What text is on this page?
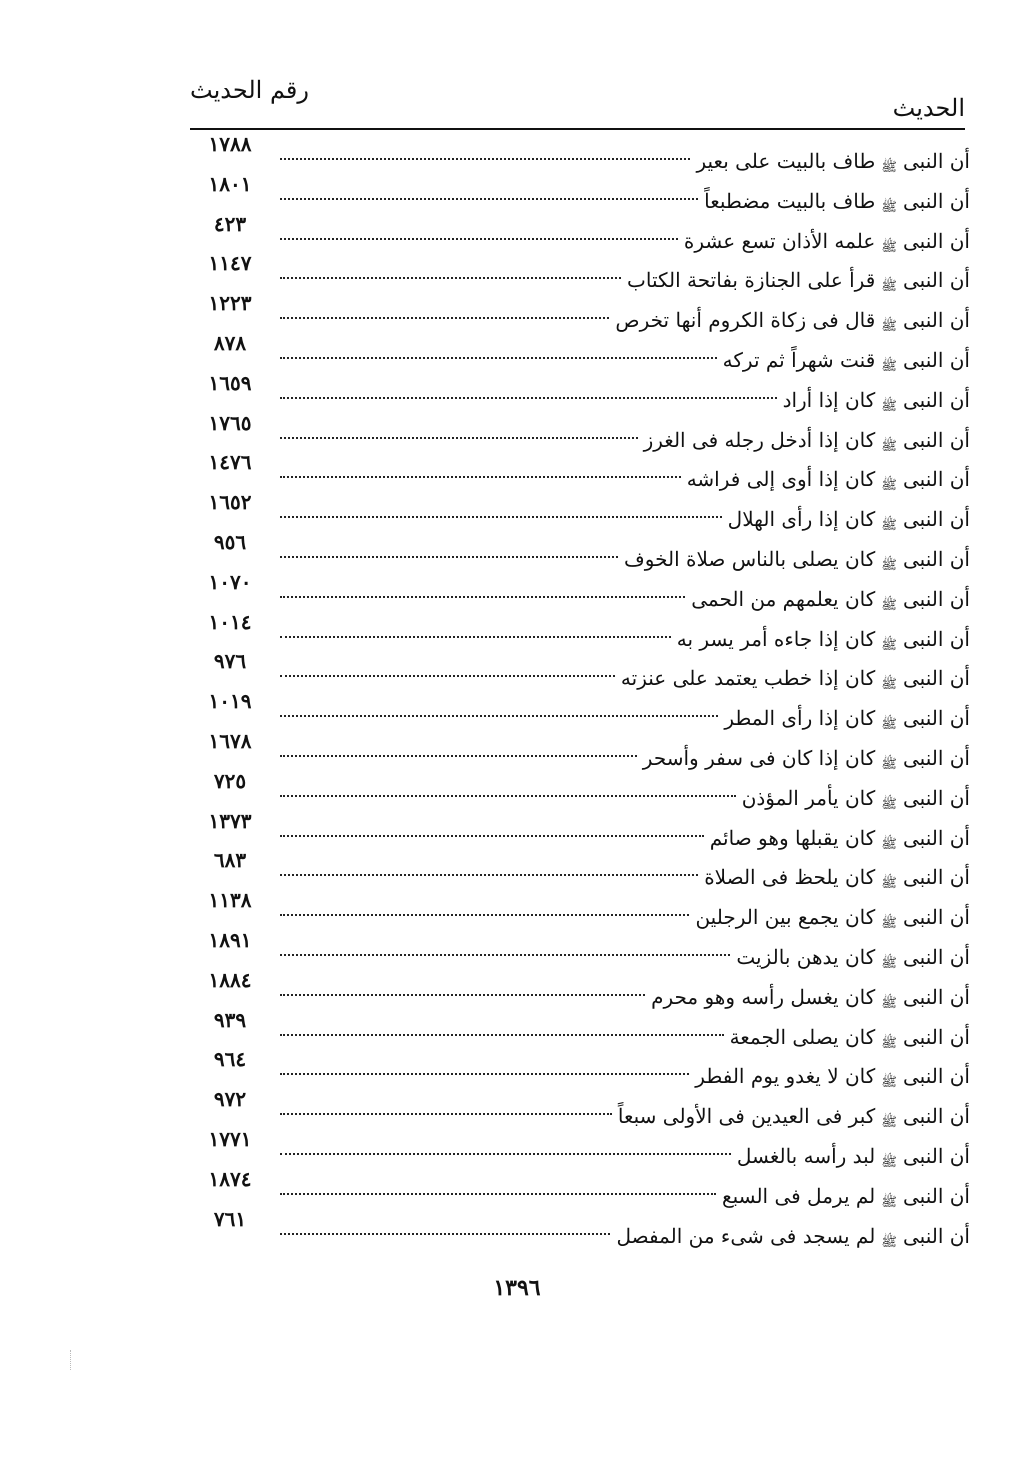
رقم الحديث
الحديث
١٧٨٨
أن النبى
ﷺ
طاف بالبيت على بعير
١٨٠١
أن النبى
ﷺ
طاف بالبيت مضطبعاً
٤٢٣
أن النبى
ﷺ
علمه الأذان تسع عشرة
١١٤٧
أن النبى
ﷺ
قرأ على الجنازة بفاتحة الكتاب
١٢٢٣
أن النبى
ﷺ
قال فى زكاة الكروم أنها تخرص
٨٧٨
أن النبى
ﷺ
قنت شهراً ثم تركه
١٦٥٩
أن النبى
ﷺ
كان إذا أراد
١٧٦٥
أن النبى
ﷺ
كان إذا أدخل رجله فى الغرز
١٤٧٦
أن النبى
ﷺ
كان إذا أوى إلى فراشه
١٦٥٢
أن النبى
ﷺ
كان إذا رأى الهلال
٩٥٦
أن النبى
ﷺ
كان يصلى بالناس صلاة الخوف
١٠٧٠
أن النبى
ﷺ
كان يعلمهم من الحمى
١٠١٤
أن النبى
ﷺ
كان إذا جاءه أمر يسر به
٩٧٦
أن النبى
ﷺ
كان إذا خطب يعتمد على عنزته
١٠١٩
أن النبى
ﷺ
كان إذا رأى المطر
١٦٧٨
أن النبى
ﷺ
كان إذا كان فى سفر وأسحر
٧٢٥
أن النبى
ﷺ
كان يأمر المؤذن
١٣٧٣
أن النبى
ﷺ
كان يقبلها وهو صائم
٦٨٣
أن النبى
ﷺ
كان يلحظ فى الصلاة
١١٣٨
أن النبى
ﷺ
كان يجمع بين الرجلين
١٨٩١
أن النبى
ﷺ
كان يدهن بالزيت
١٨٨٤
أن النبى
ﷺ
كان يغسل رأسه وهو محرم
٩٣٩
أن النبى
ﷺ
كان يصلى الجمعة
٩٦٤
أن النبى
ﷺ
كان لا يغدو يوم الفطر
٩٧٢
أن النبى
ﷺ
كبر فى العيدين فى الأولى سبعاً
١٧٧١
أن النبى
ﷺ
لبد رأسه بالغسل
١٨٧٤
أن النبى
ﷺ
لم يرمل فى السبع
٧٦١
أن النبى
ﷺ
لم يسجد فى شىء من المفصل
١٣٩٦
